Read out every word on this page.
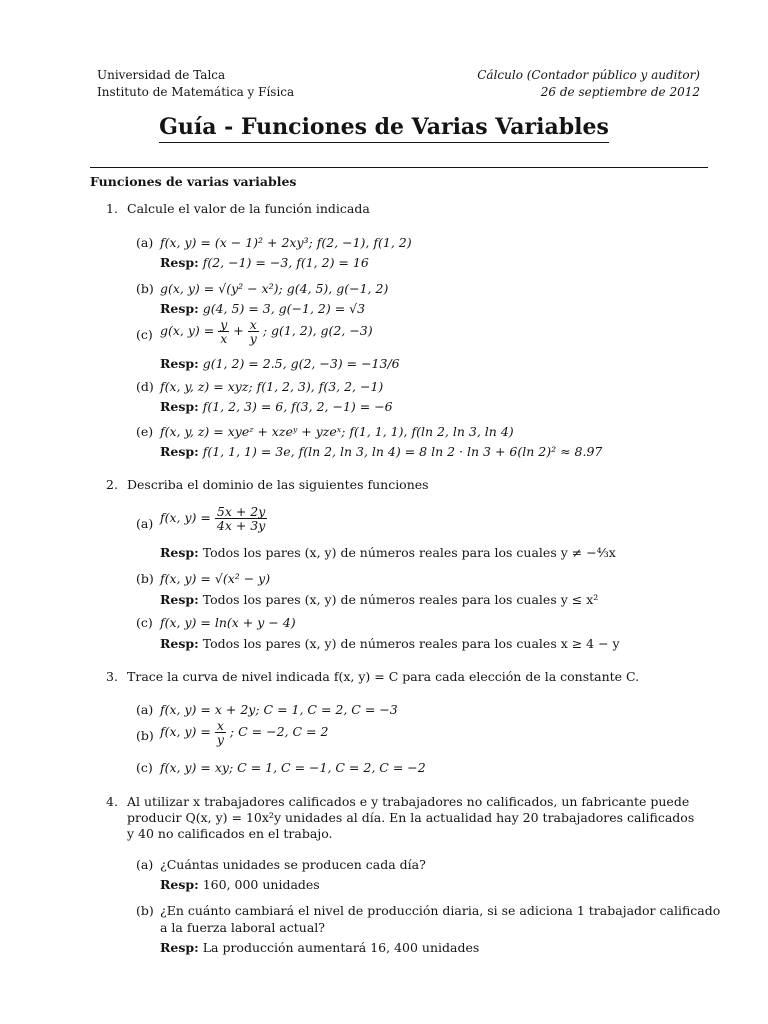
Universidad de Talca
Instituto de Matemática y Física
Cálculo (Contador público y auditor)
26 de septiembre de 2012
Guía - Funciones de Varias Variables
Funciones de varias variables
1. Calcule el valor de la función indicada
(a) f(x, y) = (x − 1)² + 2xy³; f(2, −1), f(1, 2)
Resp: f(2, −1) = −3, f(1, 2) = 16
(b) g(x, y) = √(y² − x²); g(4, 5), g(−1, 2)
Resp: g(4, 5) = 3, g(−1, 2) = √3
(c) g(x, $y) = \frac{y}{x} + \frac{x}{y}$ ; g(1, 2), g(2, −3)
Resp: g(1, 2) = 2.5, g(2, −3) = −13/6
(d) f(x, y, z) = xyz; f(1, 2, 3), f(3, 2, −1)
Resp: f(1, 2, 3) = 6, f(3, 2, −1) = −6
(e) f(x, y, z) = xyeᶻ + xzeʸ + yzeˣ; f(1, 1, 1), f(ln 2, ln 3, ln 4)
Resp: f(1, 1, 1) = 3e, f(ln 2, ln 3, ln 4) = 8 ln 2 · ln 3 + 6(ln 2)² ≈ 8.97
2. Describa el dominio de las siguientes funciones
(a) f(x, $y) = \frac{5x + 2y}{4x + 3y}$
Resp: Todos los pares (x, y) de números reales para los cuales y ≠ −⁴⁄₃x
(b) f(x, y) = √(x² − y)
Resp: Todos los pares (x, y) de números reales para los cuales y ≤ x²
(c) f(x, y) = ln(x + y − 4)
Resp: Todos los pares (x, y) de números reales para los cuales x ≥ 4 − y
3. Trace la curva de nivel indicada f(x, y) = C para cada elección de la constante C.
(a) f(x, y) = x + 2y; C = 1, C = 2, C = −3
(b) f(x, $y) = \frac{x}{y}$ ; C = −2, C = 2
(c) f(x, y) = xy; C = 1, C = −1, C = 2, C = −2
4. Al utilizar x trabajadores calificados e y trabajadores no calificados, un fabricante puede
producir Q(x, y) = 10x²y unidades al día. En la actualidad hay 20 trabajadores calificados
y 40 no calificados en el trabajo.
(a) ¿Cuántas unidades se producen cada día?
Resp: 160, 000 unidades
(b) ¿En cuánto cambiará el nivel de producción diaria, si se adiciona 1 trabajador calificado
a la fuerza laboral actual?
Resp: La producción aumentará 16, 400 unidades
